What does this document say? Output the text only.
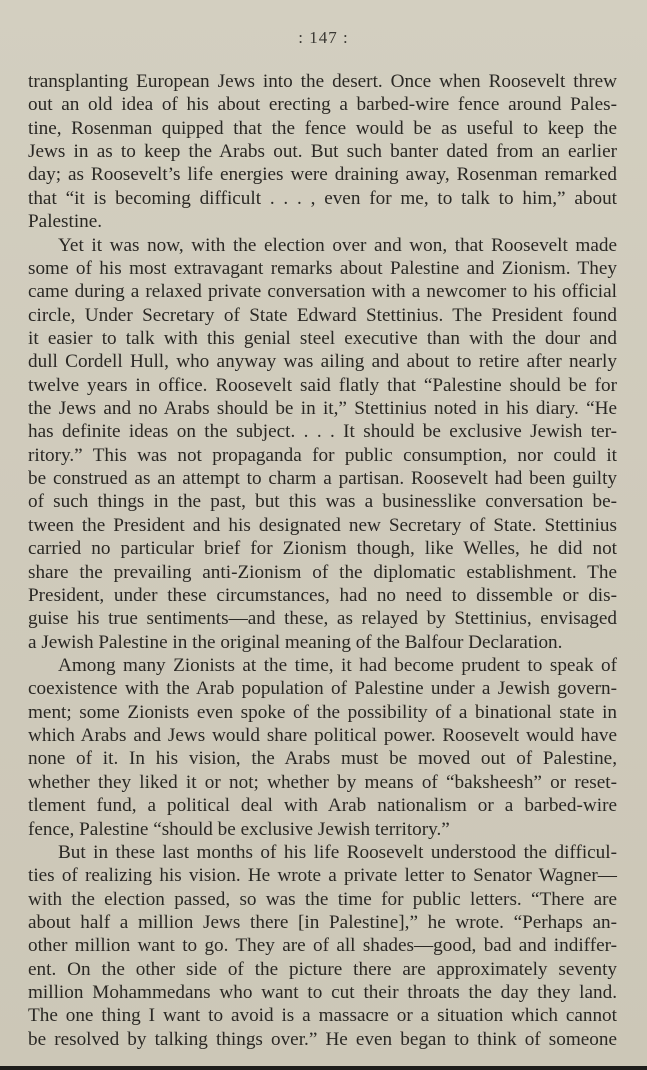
: 147 :
transplanting European Jews into the desert. Once when Roosevelt threw
out an old idea of his about erecting a barbed-wire fence around Pales-
tine, Rosenman quipped that the fence would be as useful to keep the
Jews in as to keep the Arabs out. But such banter dated from an earlier
day; as Roosevelt’s life energies were draining away, Rosenman remarked
that “it is becoming difficult . . . , even for me, to talk to him,” about
Palestine.
Yet it was now, with the election over and won, that Roosevelt made
some of his most extravagant remarks about Palestine and Zionism. They
came during a relaxed private conversation with a newcomer to his official
circle, Under Secretary of State Edward Stettinius. The President found
it easier to talk with this genial steel executive than with the dour and
dull Cordell Hull, who anyway was ailing and about to retire after nearly
twelve years in office. Roosevelt said flatly that “Palestine should be for
the Jews and no Arabs should be in it,” Stettinius noted in his diary. “He
has definite ideas on the subject. . . . It should be exclusive Jewish ter-
ritory.” This was not propaganda for public consumption, nor could it
be construed as an attempt to charm a partisan. Roosevelt had been guilty
of such things in the past, but this was a businesslike conversation be-
tween the President and his designated new Secretary of State. Stettinius
carried no particular brief for Zionism though, like Welles, he did not
share the prevailing anti-Zionism of the diplomatic establishment. The
President, under these circumstances, had no need to dissemble or dis-
guise his true sentiments—and these, as relayed by Stettinius, envisaged
a Jewish Palestine in the original meaning of the Balfour Declaration.
Among many Zionists at the time, it had become prudent to speak of
coexistence with the Arab population of Palestine under a Jewish govern-
ment; some Zionists even spoke of the possibility of a binational state in
which Arabs and Jews would share political power. Roosevelt would have
none of it. In his vision, the Arabs must be moved out of Palestine,
whether they liked it or not; whether by means of “baksheesh” or reset-
tlement fund, a political deal with Arab nationalism or a barbed-wire
fence, Palestine “should be exclusive Jewish territory.”
But in these last months of his life Roosevelt understood the difficul-
ties of realizing his vision. He wrote a private letter to Senator Wagner—
with the election passed, so was the time for public letters. “There are
about half a million Jews there [in Palestine],” he wrote. “Perhaps an-
other million want to go. They are of all shades—good, bad and indiffer-
ent. On the other side of the picture there are approximately seventy
million Mohammedans who want to cut their throats the day they land.
The one thing I want to avoid is a massacre or a situation which cannot
be resolved by talking things over.” He even began to think of someone
